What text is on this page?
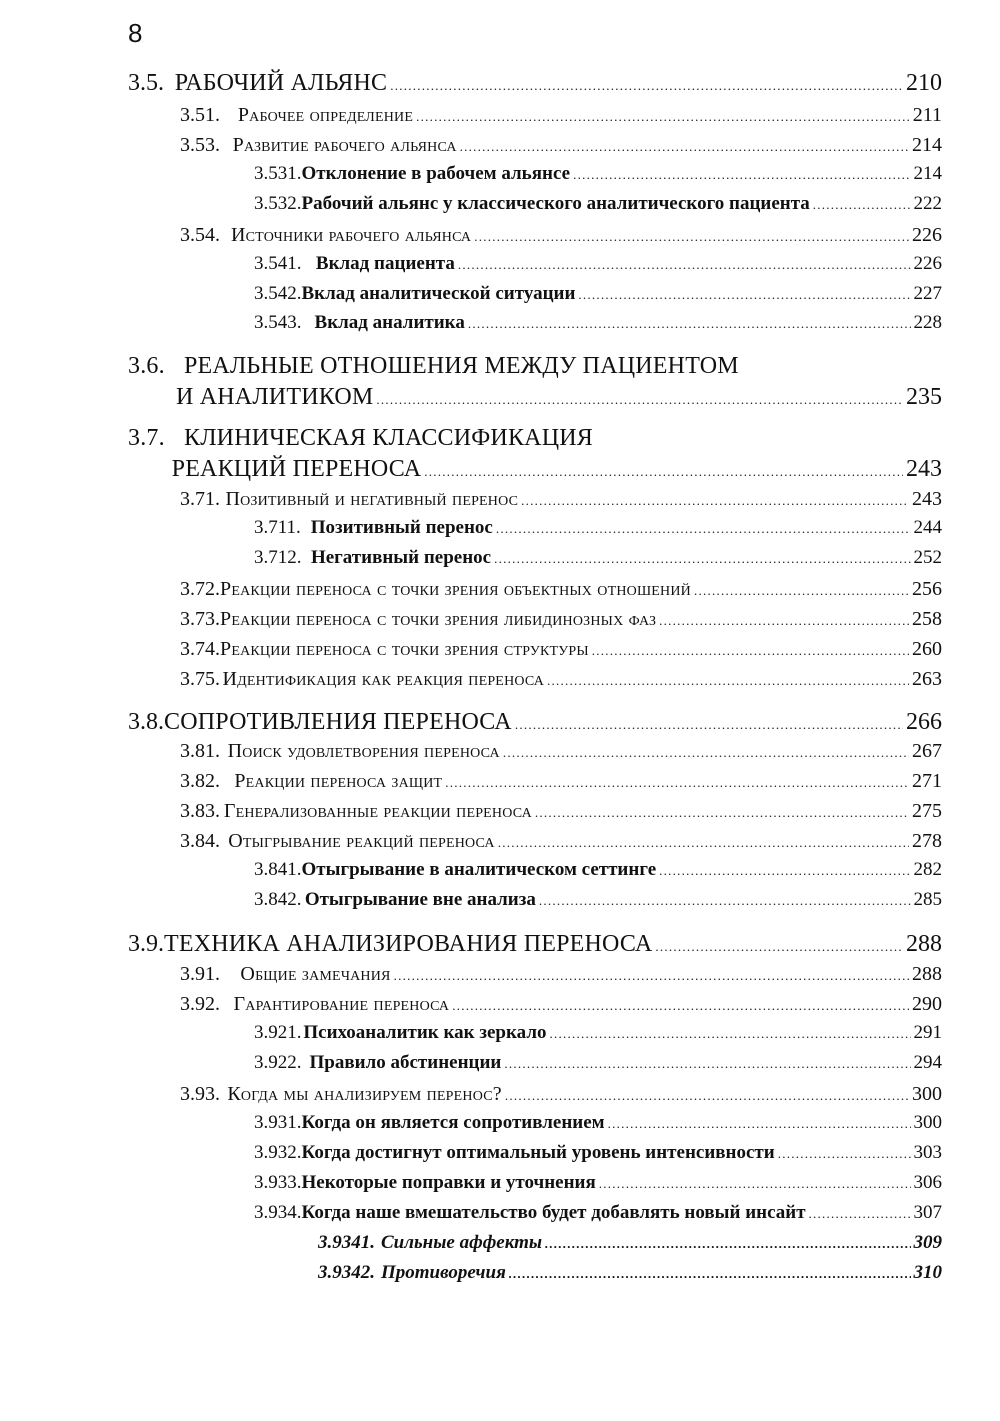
8
3.5. РАБОЧИЙ АЛЬЯНС . . .	210
3.51. Рабочее определение . . .	211
3.53. Развитие рабочего альянса . . .	214
3.531. Отклонение в рабочем альянсе . . .	214
3.532. Рабочий альянс у классического аналитического пациента . . .	222
3.54. Источники рабочего альянса . . .	226
3.541. Вклад пациента . . .	226
3.542. Вклад аналитической ситуации . . .	227
3.543. Вклад аналитика . . .	228
3.6. РЕАЛЬНЫЕ ОТНОШЕНИЯ МЕЖДУ ПАЦИЕНТОМ
И АНАЛИТИКОМ . . .	235
3.7. КЛИНИЧЕСКАЯ КЛАССИФИКАЦИЯ
РЕАКЦИЙ ПЕРЕНОСА . . .	243
3.71. Позитивный и негативный перенос . . .	243
3.711. Позитивный перенос . . .	244
3.712. Негативный перенос . . .	252
3.72. Реакции переноса с точки зрения объектных отношений . . .	256
3.73. Реакции переноса с точки зрения либидинозных фаз . . .	258
3.74. Реакции переноса с точки зрения структуры . . .	260
3.75. Идентификация как реакция переноса . . .	263
3.8. СОПРОТИВЛЕНИЯ ПЕРЕНОСА . . .	266
3.81. Поиск удовлетворения переноса . . .	267
3.82. Реакции переноса защит . . .	271
3.83. Генерализованные реакции переноса . . .	275
3.84. Отыгрывание реакций переноса . . .	278
3.841. Отыгрывание в аналитическом сеттинге . . .	282
3.842. Отыгрывание вне анализа . . .	285
3.9. ТЕХНИКА АНАЛИЗИРОВАНИЯ ПЕРЕНОСА . . .	288
3.91.	Общие замечания . . .	288
3.92. Гарантирование переноса . . .	290
3.921. Психоаналитик как зеркало . . .	291
3.922. Правило абстиненции . . .	294
3.93. Когда мы анализируем перенос? . . .	300
3.931. Когда он является сопротивлением . . .	300
3.932. Когда достигнут оптимальный уровень интенсивности . . .	303
3.933. Некоторые поправки и уточнения . . .	306
3.934. Когда наше вмешательство будет добавлять новый инсайт . . .	307
3.9341. Сильные аффекты . . .	309
3.9342. Противоречия . . .	310
